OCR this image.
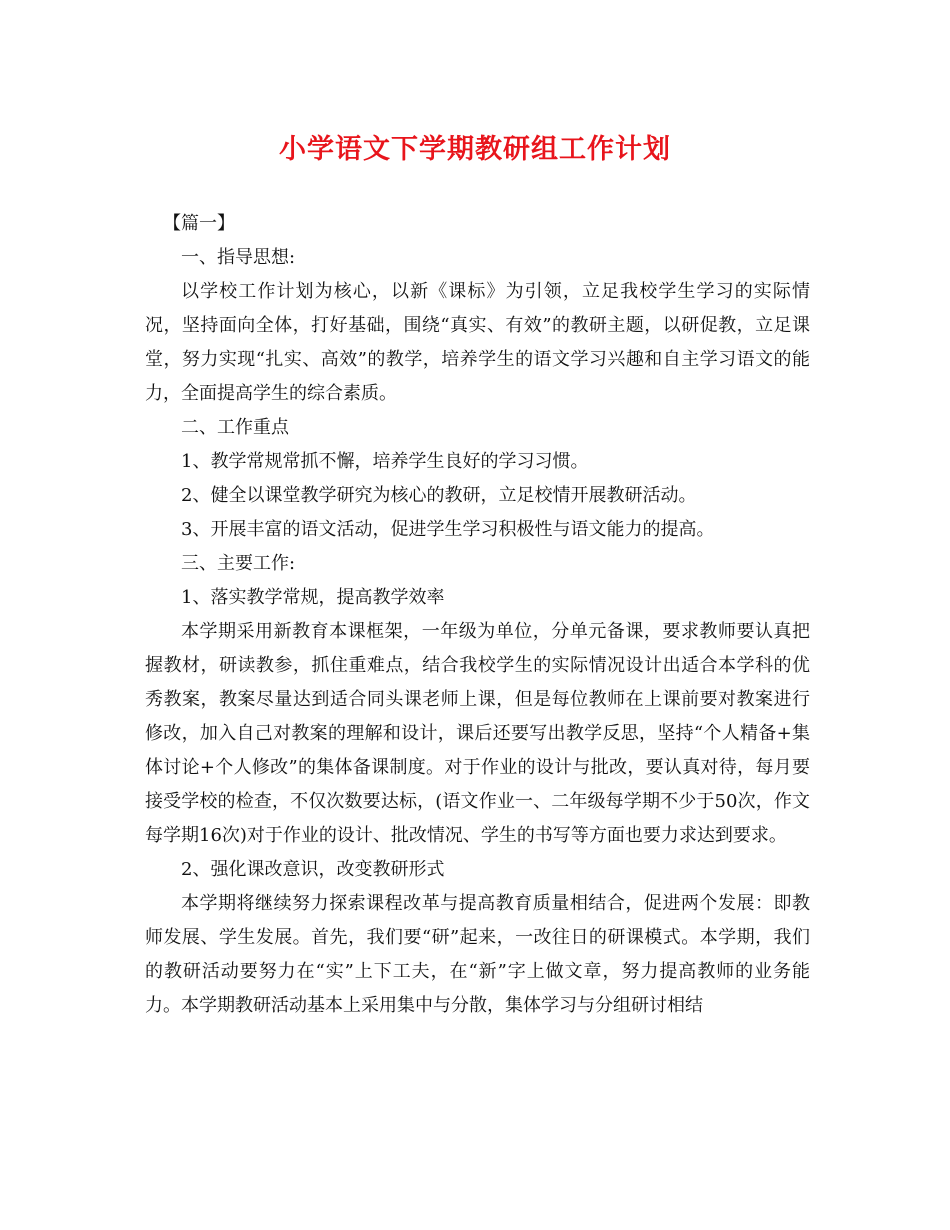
小学语文下学期教研组工作计划

【篇一】

一、指导思想:

以学校工作计划为核心，以新《课标》为引领，立足我校学生学习的实际情况，坚持面向全体，打好基础，围绕“真实、有效”的教研主题，以研促教，立足课堂，努力实现“扎实、高效”的教学，培养学生的语文学习兴趣和自主学习语文的能力，全面提高学生的综合素质。

二、工作重点

1、教学常规常抓不懈，培养学生良好的学习习惯。

2、健全以课堂教学研究为核心的教研，立足校情开展教研活动。

3、开展丰富的语文活动，促进学生学习积极性与语文能力的提高。

三、主要工作:

1、落实教学常规，提高教学效率

本学期采用新教育本课框架，一年级为单位，分单元备课，要求教师要认真把握教材，研读教参，抓住重难点，结合我校学生的实际情况设计出适合本学科的优秀教案，教案尽量达到适合同头课老师上课，但是每位教师在上课前要对教案进行修改，加入自己对教案的理解和设计，课后还要写出教学反思，坚持“个人精备+集体讨论+个人修改”的集体备课制度。对于作业的设计与批改，要认真对待，每月要接受学校的检查，不仅次数要达标，(语文作业一、二年级每学期不少于50次，作文每学期16次)对于作业的设计、批改情况、学生的书写等方面也要力求达到要求。

2、强化课改意识，改变教研形式

本学期将继续努力探索课程改革与提高教育质量相结合，促进两个发展：即教师发展、学生发展。首先，我们要“研”起来，一改往日的研课模式。本学期，我们的教研活动要努力在“实”上下工夫，在“新”字上做文章，努力提高教师的业务能力。本学期教研活动基本上采用集中与分散，集体学习与分组研讨相结
